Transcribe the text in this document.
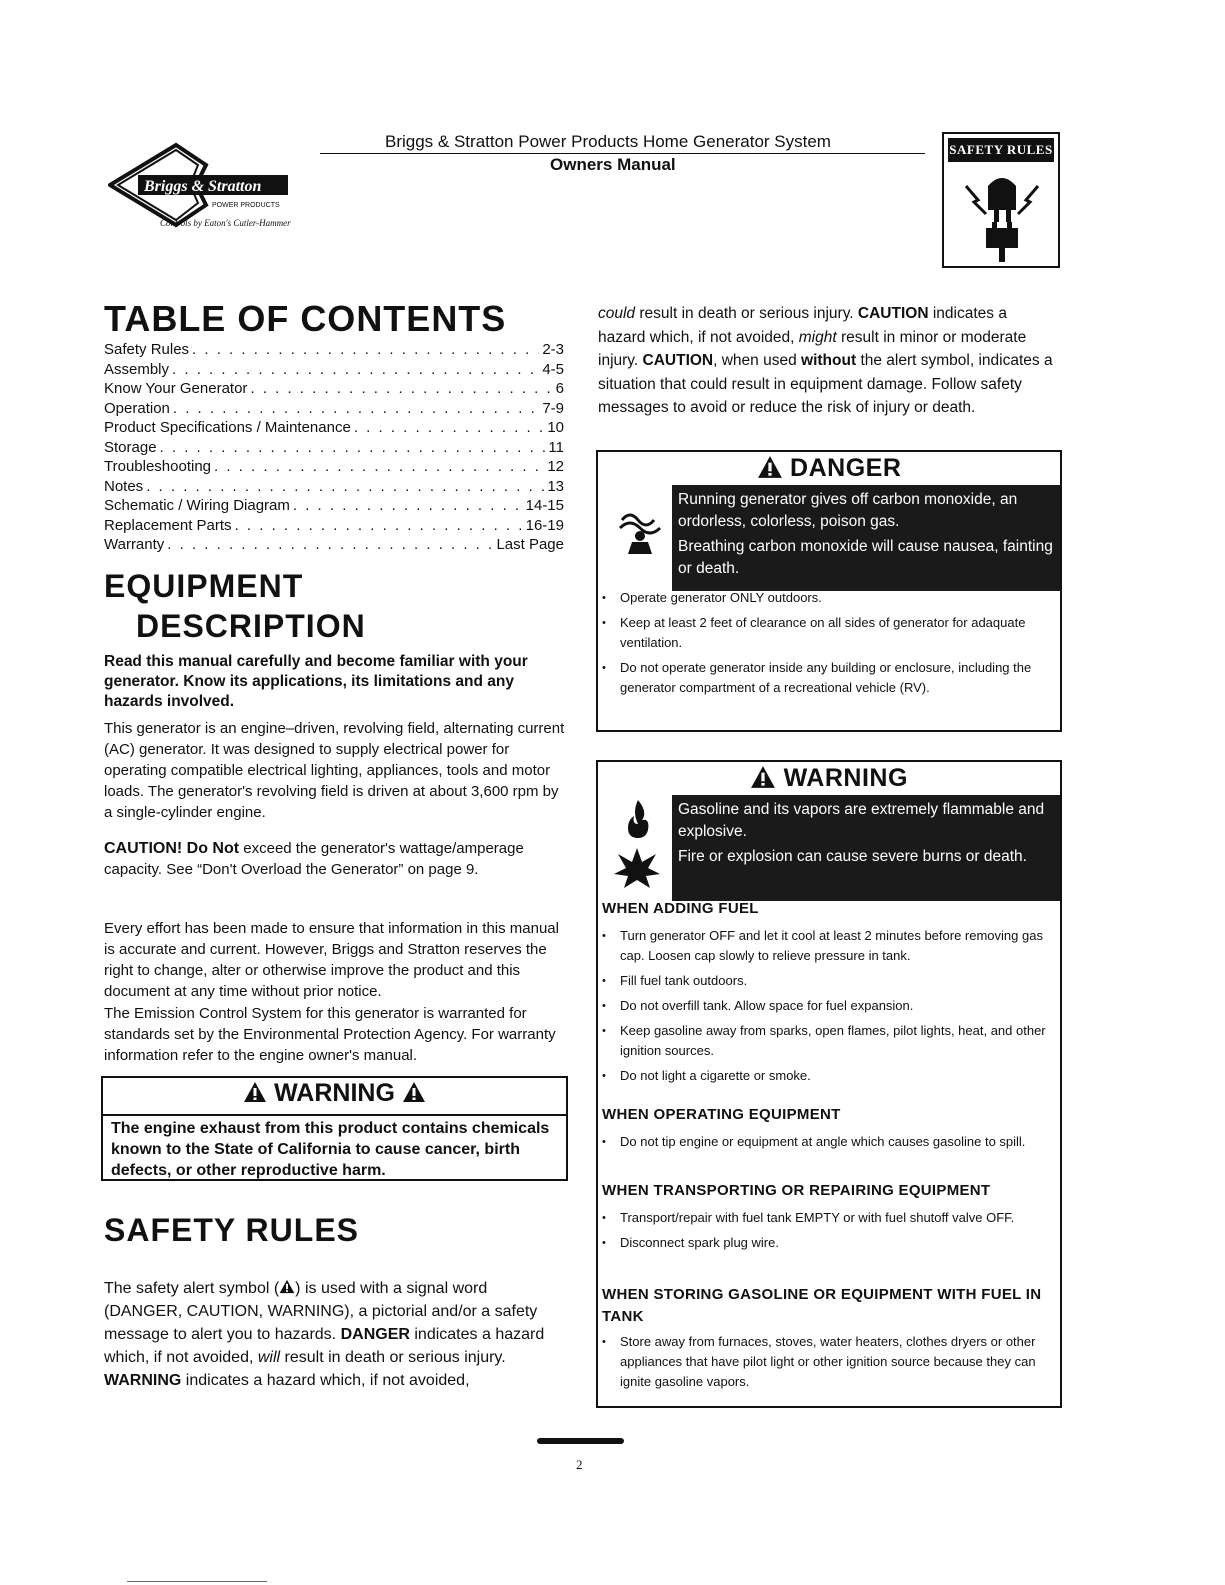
Briggs & Stratton
POWER PRODUCTS
Controls by Eaton's Cutler-Hammer
Briggs & Stratton Power Products Home Generator System
Owners Manual
SAFETY RULES
TABLE OF CONTENTS
Safety Rules . . .	2-3
Assembly . . .	4-5
Know Your Generator . . .	6
Operation . . .	7-9
Product Specifications / Maintenance . . .	10
Storage . . .	11
Troubleshooting . . .	12
Notes . . .	13
Schematic / Wiring Diagram . . .	14-15
Replacement Parts . . .	16-19
Warranty . . .	Last Page
EQUIPMENT
DESCRIPTION
Read this manual carefully and become familiar with your generator. Know its applications, its limitations and any hazards involved.
This generator is an engine–driven, revolving field, alternating current (AC) generator. It was designed to supply electrical power for operating compatible electrical lighting, appliances, tools and motor loads. The generator's revolving field is driven at about 3,600 rpm by a single-cylinder engine.
CAUTION! Do Not exceed the generator's wattage/amperage capacity. See “Don't Overload the Generator” on page 9.
Every effort has been made to ensure that information in this manual is accurate and current. However, Briggs and Stratton reserves the right to change, alter or otherwise improve the product and this document at any time without prior notice.
The Emission Control System for this generator is warranted for standards set by the Environmental Protection Agency. For warranty information refer to the engine owner's manual.
WARNING
The engine exhaust from this product contains chemicals known to the State of California to cause cancer, birth defects, or other reproductive harm.
SAFETY RULES
The safety alert symbol ( ) is used with a signal word (DANGER, CAUTION, WARNING), a pictorial and/or a safety message to alert you to hazards. DANGER indicates a hazard which, if not avoided, will result in death or serious injury. WARNING indicates a hazard which, if not avoided,
could result in death or serious injury. CAUTION indicates a hazard which, if not avoided, might result in minor or moderate injury. CAUTION, when used without the alert symbol, indicates a situation that could result in equipment damage. Follow safety messages to avoid or reduce the risk of injury or death.
DANGER
Running generator gives off carbon monoxide, an ordorless, colorless, poison gas.
Breathing carbon monoxide will cause nausea, fainting or death.
• Operate generator ONLY outdoors.
• Keep at least 2 feet of clearance on all sides of generator for adaquate ventilation.
• Do not operate generator inside any building or enclosure, including the generator compartment of a recreational vehicle (RV).
WARNING
Gasoline and its vapors are extremely flammable and explosive.
Fire or explosion can cause severe burns or death.
WHEN ADDING FUEL
• Turn generator OFF and let it cool at least 2 minutes before removing gas cap. Loosen cap slowly to relieve pressure in tank.
• Fill fuel tank outdoors.
• Do not overfill tank. Allow space for fuel expansion.
• Keep gasoline away from sparks, open flames, pilot lights, heat, and other ignition sources.
• Do not light a cigarette or smoke.
WHEN OPERATING EQUIPMENT
• Do not tip engine or equipment at angle which causes gasoline to spill.
WHEN TRANSPORTING OR REPAIRING EQUIPMENT
• Transport/repair with fuel tank EMPTY or with fuel shutoff valve OFF.
• Disconnect spark plug wire.
WHEN STORING GASOLINE OR EQUIPMENT WITH FUEL IN TANK
• Store away from furnaces, stoves, water heaters, clothes dryers or other appliances that have pilot light or other ignition source because they can ignite gasoline vapors.
2
